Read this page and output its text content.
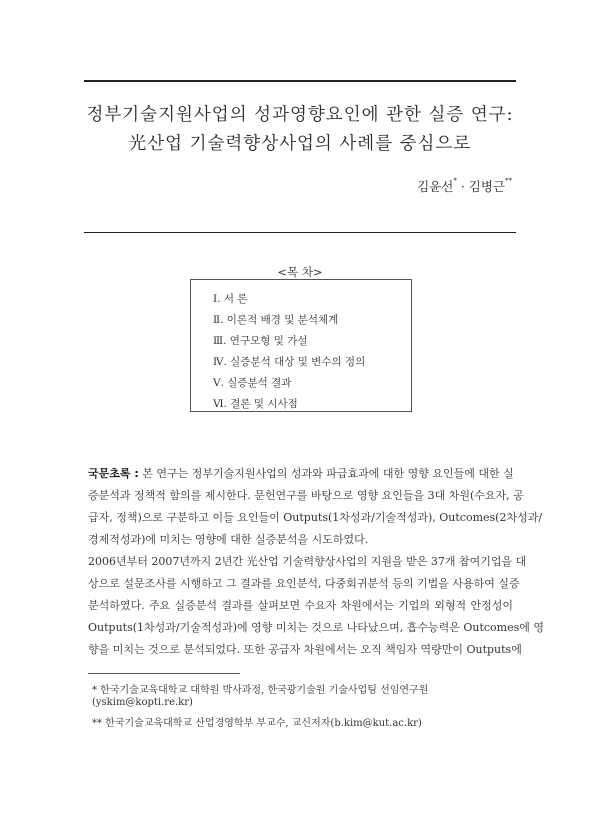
정부기술지원사업의 성과영향요인에 관한 실증 연구:
光산업 기술력향상사업의 사례를 중심으로
김윤선* · 김병근**
<목 차>
Ⅰ. 서 론
Ⅱ. 이론적 배경 및 분석체계
Ⅲ. 연구모형 및 가설
Ⅳ. 실증분석 대상 및 변수의 정의
Ⅴ. 실증분석 결과
Ⅵ. 결론 및 시사점
국문초록 : 본 연구는 정부기술지원사업의 성과와 파급효과에 대한 영향 요인들에 대한 실
증분석과 정책적 함의를 제시한다. 문헌연구를 바탕으로 영향 요인들을 3대 차원(수요자, 공
급자, 정책)으로 구분하고 이들 요인들이 Outputs(1차성과/기술적성과), Outcomes(2차성과/
경제적성과)에 미치는 영향에 대한 실증분석을 시도하였다.
2006년부터 2007년까지 2년간 光산업 기술력향상사업의 지원을 받은 37개 참여기업을 대
상으로 설문조사를 시행하고 그 결과를 요인분석, 다중회귀분석 등의 기법을 사용하여 실증
분석하였다. 주요 실증분석 결과를 살펴보면 수요자 차원에서는 기업의 외형적 안정성이
Outputs(1차성과/기술적성과)에 영향 미치는 것으로 나타났으며, 흡수능력은 Outcomes에 영
향을 미치는 것으로 분석되었다. 또한 공급자 차원에서는 오직 책임자 역량만이 Outputs에
* 한국기술교육대학교 대학원 박사과정, 한국광기술원 기술사업팀 선임연구원
(yskim@kopti.re.kr)
** 한국기술교육대학교 산업경영학부 부교수, 교신저자(b.kim@kut.ac.kr)
